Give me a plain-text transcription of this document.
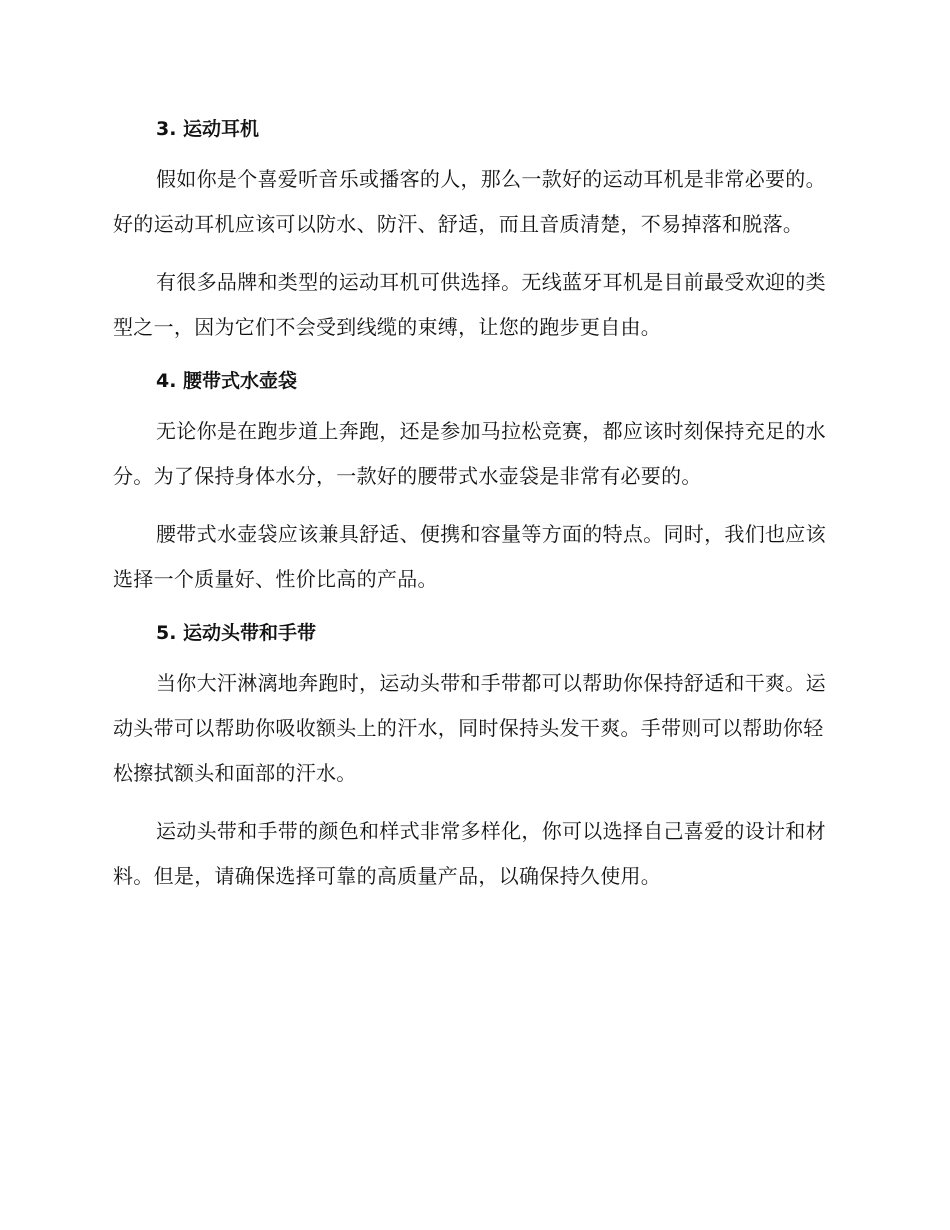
3. 运动耳机

假如你是个喜爱听音乐或播客的人，那么一款好的运动耳机是非常必要的。好的运动耳机应该可以防水、防汗、舒适，而且音质清楚，不易掉落和脱落。

有很多品牌和类型的运动耳机可供选择。无线蓝牙耳机是目前最受欢迎的类型之一，因为它们不会受到线缆的束缚，让您的跑步更自由。

4. 腰带式水壶袋

无论你是在跑步道上奔跑，还是参加马拉松竞赛，都应该时刻保持充足的水分。为了保持身体水分，一款好的腰带式水壶袋是非常有必要的。

腰带式水壶袋应该兼具舒适、便携和容量等方面的特点。同时，我们也应该选择一个质量好、性价比高的产品。

5. 运动头带和手带

当你大汗淋漓地奔跑时，运动头带和手带都可以帮助你保持舒适和干爽。运动头带可以帮助你吸收额头上的汗水，同时保持头发干爽。手带则可以帮助你轻松擦拭额头和面部的汗水。

运动头带和手带的颜色和样式非常多样化，你可以选择自己喜爱的设计和材料。但是，请确保选择可靠的高质量产品，以确保持久使用。
